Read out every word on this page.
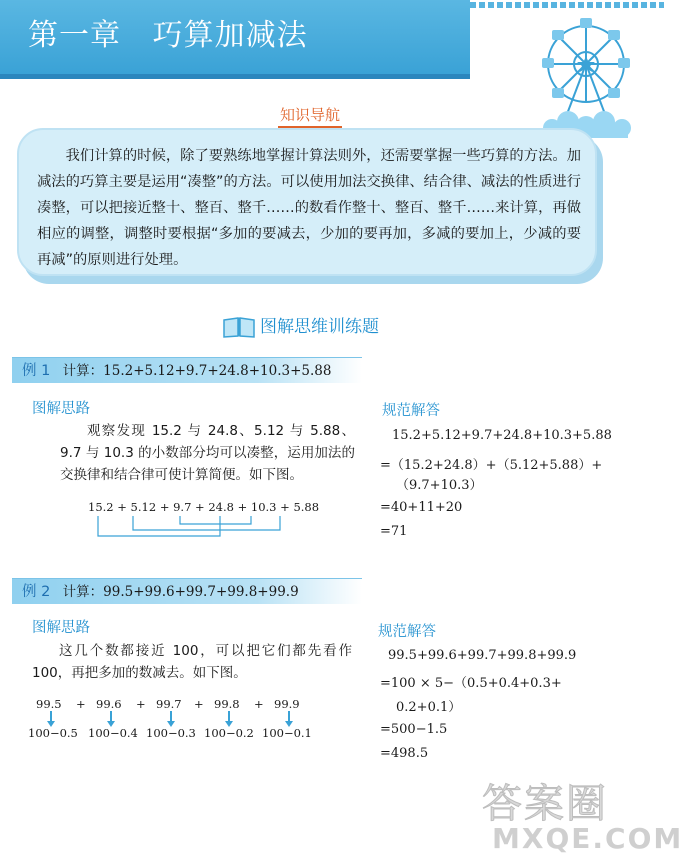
第一章 巧算加减法
知识导航

我们计算的时候，除了要熟练地掌握计算法则外，还需要掌握一些巧算的方法。加减法的巧算主要是运用“凑整”的方法。可以使用加法交换律、结合律、减法的性质进行凑整，可以把接近整十、整百、整千……的数看作整十、整百、整千……来计算，再做相应的调整，调整时要根据“多加的要减去，少加的要再加，多减的要加上，少减的要再减”的原则进行处理。

图解思维训练题
例 1 计算：15.2+5.12+9.7+24.8+10.3+5.88
图解思路
观察发现 15.2 与 24.8、5.12 与 5.88、9.7 与 10.3 的小数部分均可以凑整，运用加法的交换律和结合律可使计算简便。如下图。
15.2 + 5.12 + 9.7 + 24.8 + 10.3 + 5.88
规范解答
15.2+5.12+9.7+24.8+10.3+5.88
=（15.2+24.8）+（5.12+5.88）+
（9.7+10.3）
=40+11+20
=71
例 2 计算：99.5+99.6+99.7+99.8+99.9
图解思路
这几个数都接近 100，可以把它们都先看作 100，再把多加的数减去。如下图。
99.5 + 99.6 + 99.7 + 99.8 + 99.9
100−0.5 100−0.4 100−0.3 100−0.2 100−0.1
规范解答
99.5+99.6+99.7+99.8+99.9
=100 × 5−（0.5+0.4+0.3+
0.2+0.1）
=500−1.5
=498.5
答案圈
MXQE.COM
